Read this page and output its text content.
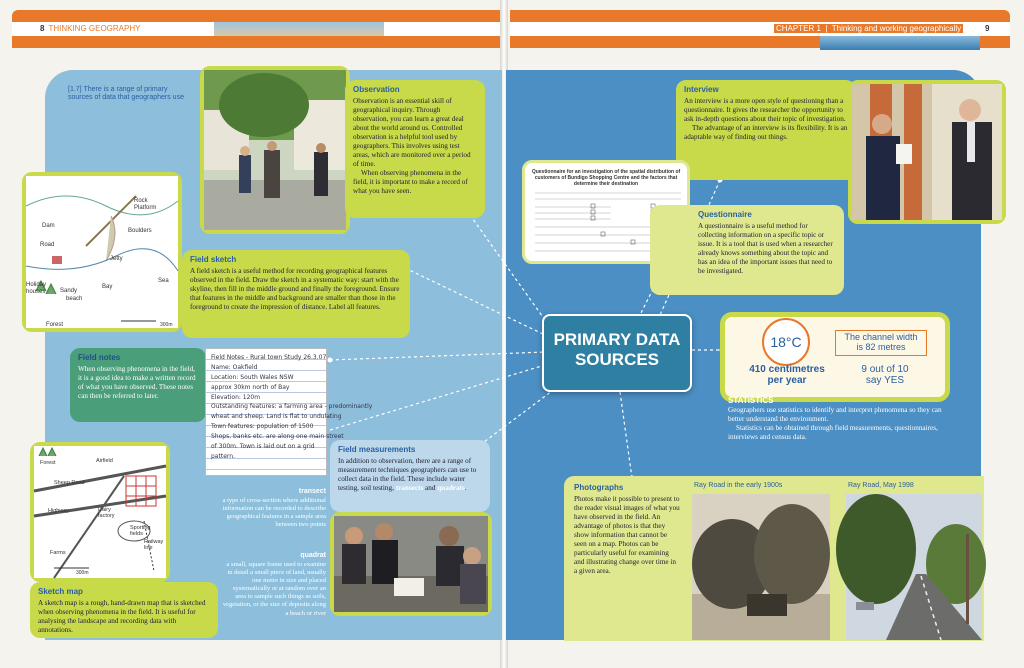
8 THINKING GEOGRAPHY	CHAPTER 1  |  Thinking and working geographically	9
[1.7] There is a range of primary sources of data that geographers use
Observation

Observation is an essential skill of geographical inquiry. Through observation, you can learn a great deal about the world around us. Controlled observation is a helpful tool used by geographers. This involves using test areas, which are monitored over a period of time.

When observing phenomena in the field, it is important to make a record of what you have seen.

Rock
Platform
Dam
Boulders
Road
Jetty
Holiday
houses Sandy
beach
Bay
Sea
Forest	300m
Field sketch

A field sketch is a useful method for recording geographical features observed in the field. Draw the sketch in a systematic way: start with the skyline, then fill in the middle ground and finally the foreground. Ensure that features in the middle and background are smaller than those in the foreground to create the impression of distance. Label all features.

Field notes

When observing phenomena in the field, it is a good idea to make a written record of what you have observed. These notes can then be referred to later.

Field Notes - Rural town Study 26.3.07
Name: Oakfield
Location: South Wales NSW
approx 30km north of Bay
Elevation: 120m
Outstanding features: a farming area - predominantly
wheat and sheep. Land is flat to undulating
Town features: population of 1500
Shops, banks etc. are along one main street
of 300m. Town is laid out on a grid
pattern.
Forest	Airfield
Sheep Road
Highway	Dairy factory
Sporting fields
Railway line
Farms
300m
Sketch map

A sketch map is a rough, hand-drawn map that is sketched when observing phenomena in the field. It is useful for analysing the landscape and recording data with annotations.

Field measurements

In addition to observation, there are a range of measurement techniques geographers can use to collect data in the field. These include water testing, soil testing, transects and quadrats.

transect
a type of cross-section where additional information can be recorded to describe geographical features in a sample area between two points
quadrat
a small, square frame used to examine in detail a small piece of land, usually one metre in size and placed systematically or at random over an area to sample such things as soils, vegetation, or the size of deposits along a beach or river
PRIMARY DATA
SOURCES
Interview

An interview is a more open style of questioning than a questionnaire. It gives the researcher the opportunity to ask in-depth questions about their topic of investigation.

The advantage of an interview is its flexibility. It is an adaptable way of finding out things.

Questionnaire for an investigation of the spatial distribution of customers of Bundigo Shopping Centre and the factors that determine their destination
Questionnaire

A questionnaire is a useful method for collecting information on a specific topic or issue. It is a tool that is used when a researcher already knows something about the topic and has an idea of the important issues that need to be investigated.

18°C	The channel width
is 82 metres
410 centimetres
per year
9 out of 10
say YES
STATISTICS

Geographers use statistics to identify and interpret phenomena so they can better understand the environment.

Statistics can be obtained through field measurements, questionnaires, interviews and census data.

Photographs

Photos make it possible to present to the reader visual images of what you have observed in the field. An advantage of photos is that they show information that cannot be seen on a map. Photos can be particularly useful for examining and illustrating change over time in a given area.

Ray Road in the early 1900s	Ray Road, May 1998
